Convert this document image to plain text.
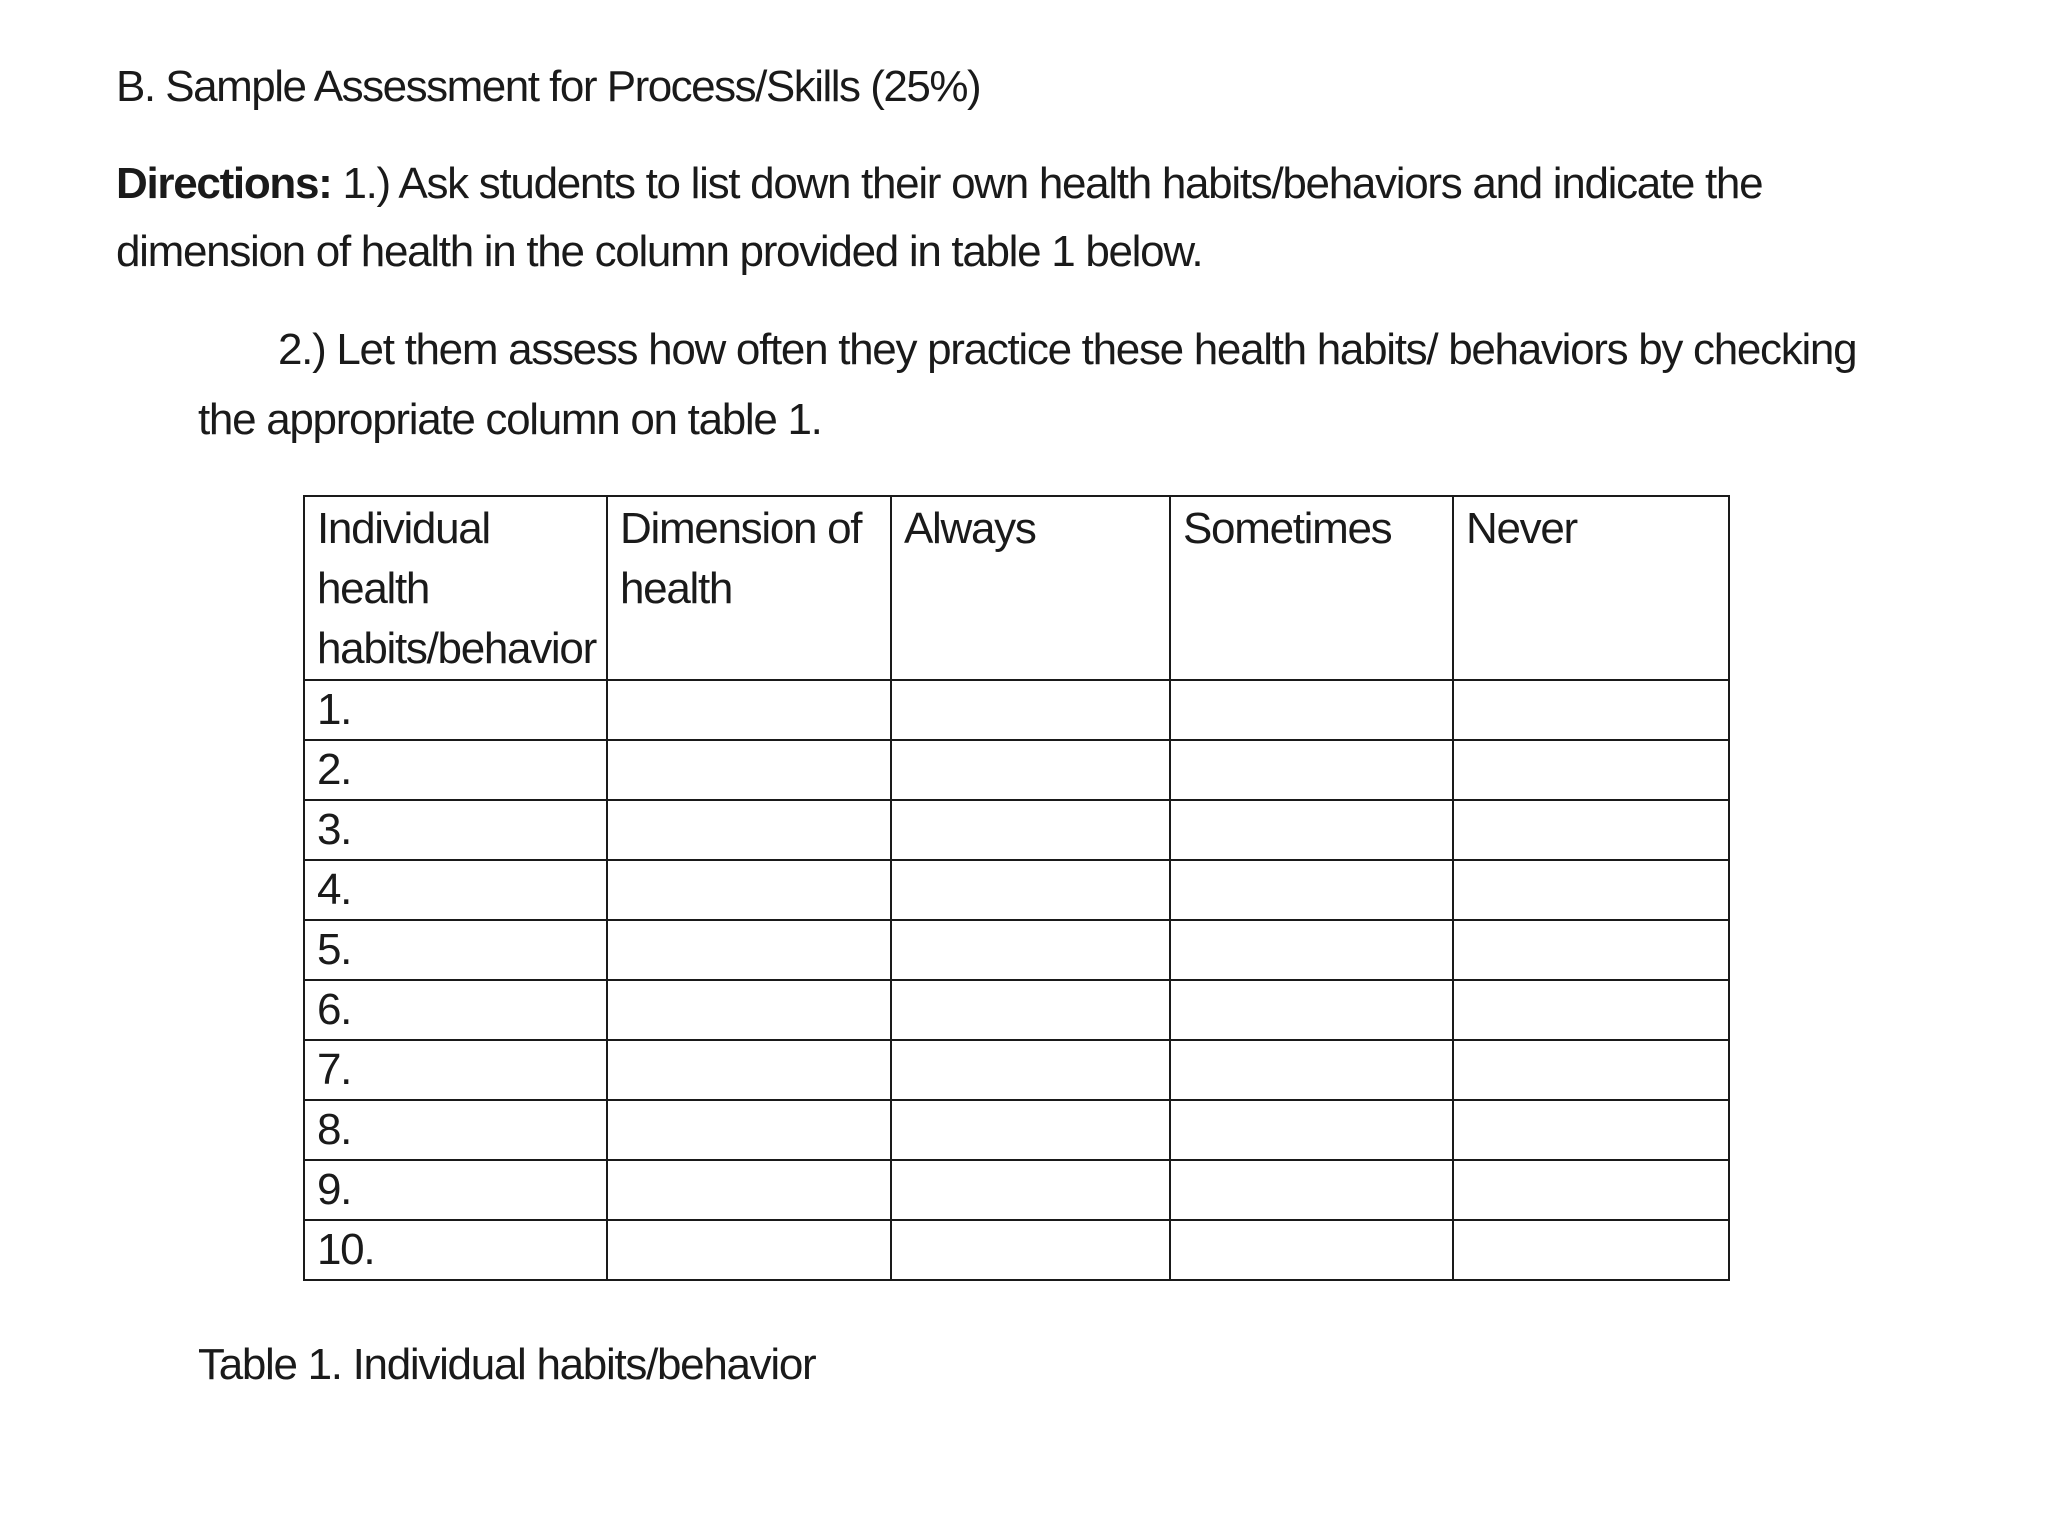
B. Sample Assessment for Process/Skills (25%)
Directions: 1.) Ask students to list down their own health habits/behaviors and indicate the
dimension of health in the column provided in table 1 below.
2.) Let them assess how often they practice these health habits/ behaviors by checking
the appropriate column on table 1.
Individual health habits/behavior	Dimension of health	Always	Sometimes	Never
1.				
2.				
3.				
4.				
5.				
6.				
7.				
8.				
9.				
10.				
Table 1. Individual habits/behavior
